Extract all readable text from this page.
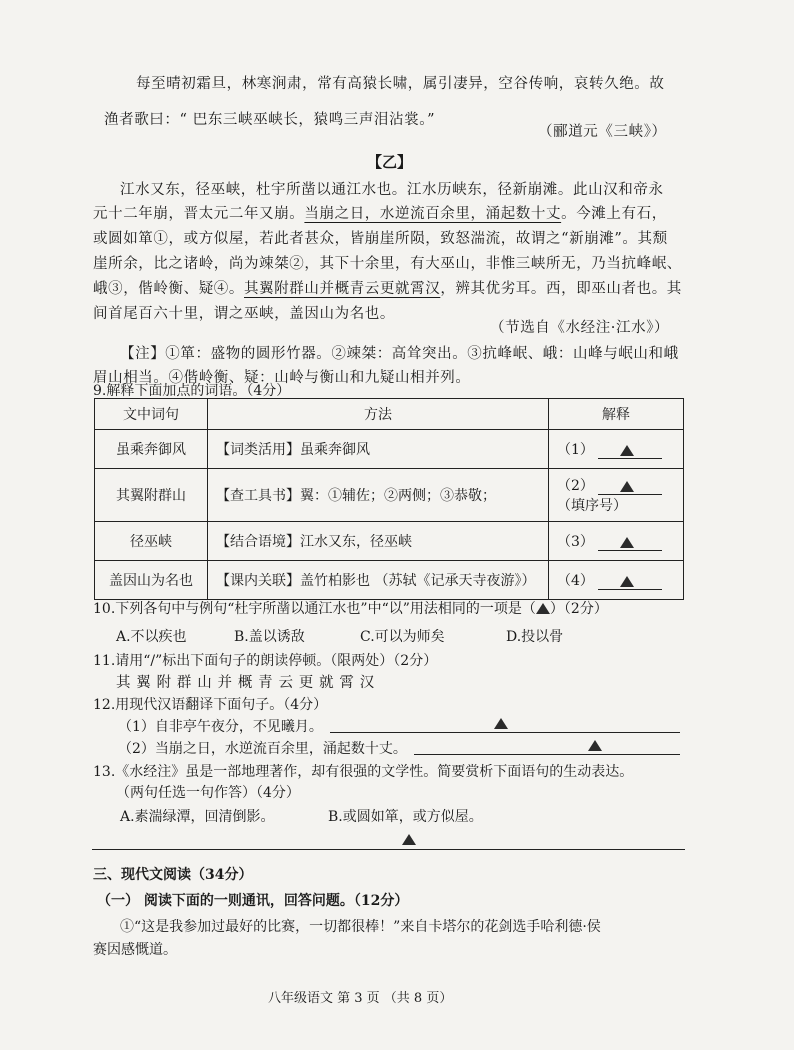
每至晴初霜旦，林寒涧肃，常有高猿长啸，属引凄异，空谷传响，哀转久绝。故
渔者歌曰：“ 巴东三峡巫峡长，猿鸣三声泪沾裳。”
（郦道元《三峡》）
【乙】
江水又东，径巫峡，杜宇所凿以通江水也。江水历峡东，径新崩滩。此山汉和帝永
元十二年崩，晋太元二年又崩。当崩之日，水逆流百余里，涌起数十丈。今滩上有石，
或圆如箪①，或方似屋，若此者甚众，皆崩崖所陨，致怒湍流，故谓之“新崩滩”。其颓
崖所余，比之诸岭，尚为竦桀②，其下十余里，有大巫山，非惟三峡所无，乃当抗峰岷、
峨③，偕岭衡、疑④。其翼附群山并概青云更就霄汉，辨其优劣耳。西，即巫山者也。其
间首尾百六十里，谓之巫峡，盖因山为名也。
（节选自《水经注·江水》）
【注】①箪：盛物的圆形竹器。②竦桀：高耸突出。③抗峰岷、峨：山峰与岷山和峨
眉山相当。④偕岭衡、疑：山岭与衡山和九疑山相并列。
9.解释下面加点的词语。（4分）
文中词句	方法	解释
虽乘奔御风	【词类活用】虽乘奔御风	（1）

其翼附群山	【查工具书】翼：①辅佐；②两侧；③恭敬；	（2）
（填序号）

径巫峡	【结合语境】江水又东，径巫峡	（3）

盖因山为名也	【课内关联】盖竹柏影也 （苏轼《记承天寺夜游》）	（4）
10.下列各句中与例句“杜宇所凿以通江水也”中“以”用法相同的一项是（ ）（2分）
A.不以疾也	B.盖以诱敌	C.可以为师矣	D.投以骨
11.请用“/”标出下面句子的朗读停顿。（限两处）（2分）
其 翼 附 群 山 并 概 青 云 更 就 霄 汉
12.用现代汉语翻译下面句子。（4分）
（1）自非亭午夜分，不见曦月。
（2）当崩之日，水逆流百余里，涌起数十丈。
13.《水经注》虽是一部地理著作，却有很强的文学性。简要赏析下面语句的生动表达。
（两句任选一句作答）（4分）
A.素湍绿潭，回清倒影。	B.或圆如箪，或方似屋。
三、现代文阅读（34分）
（一） 阅读下面的一则通讯，回答问题。（12分）
①“这是我参加过最好的比赛，一切都很棒！”来自卡塔尔的花剑选手哈利德·侯
赛因感慨道。
八年级语文 第 3 页 （共 8 页）
